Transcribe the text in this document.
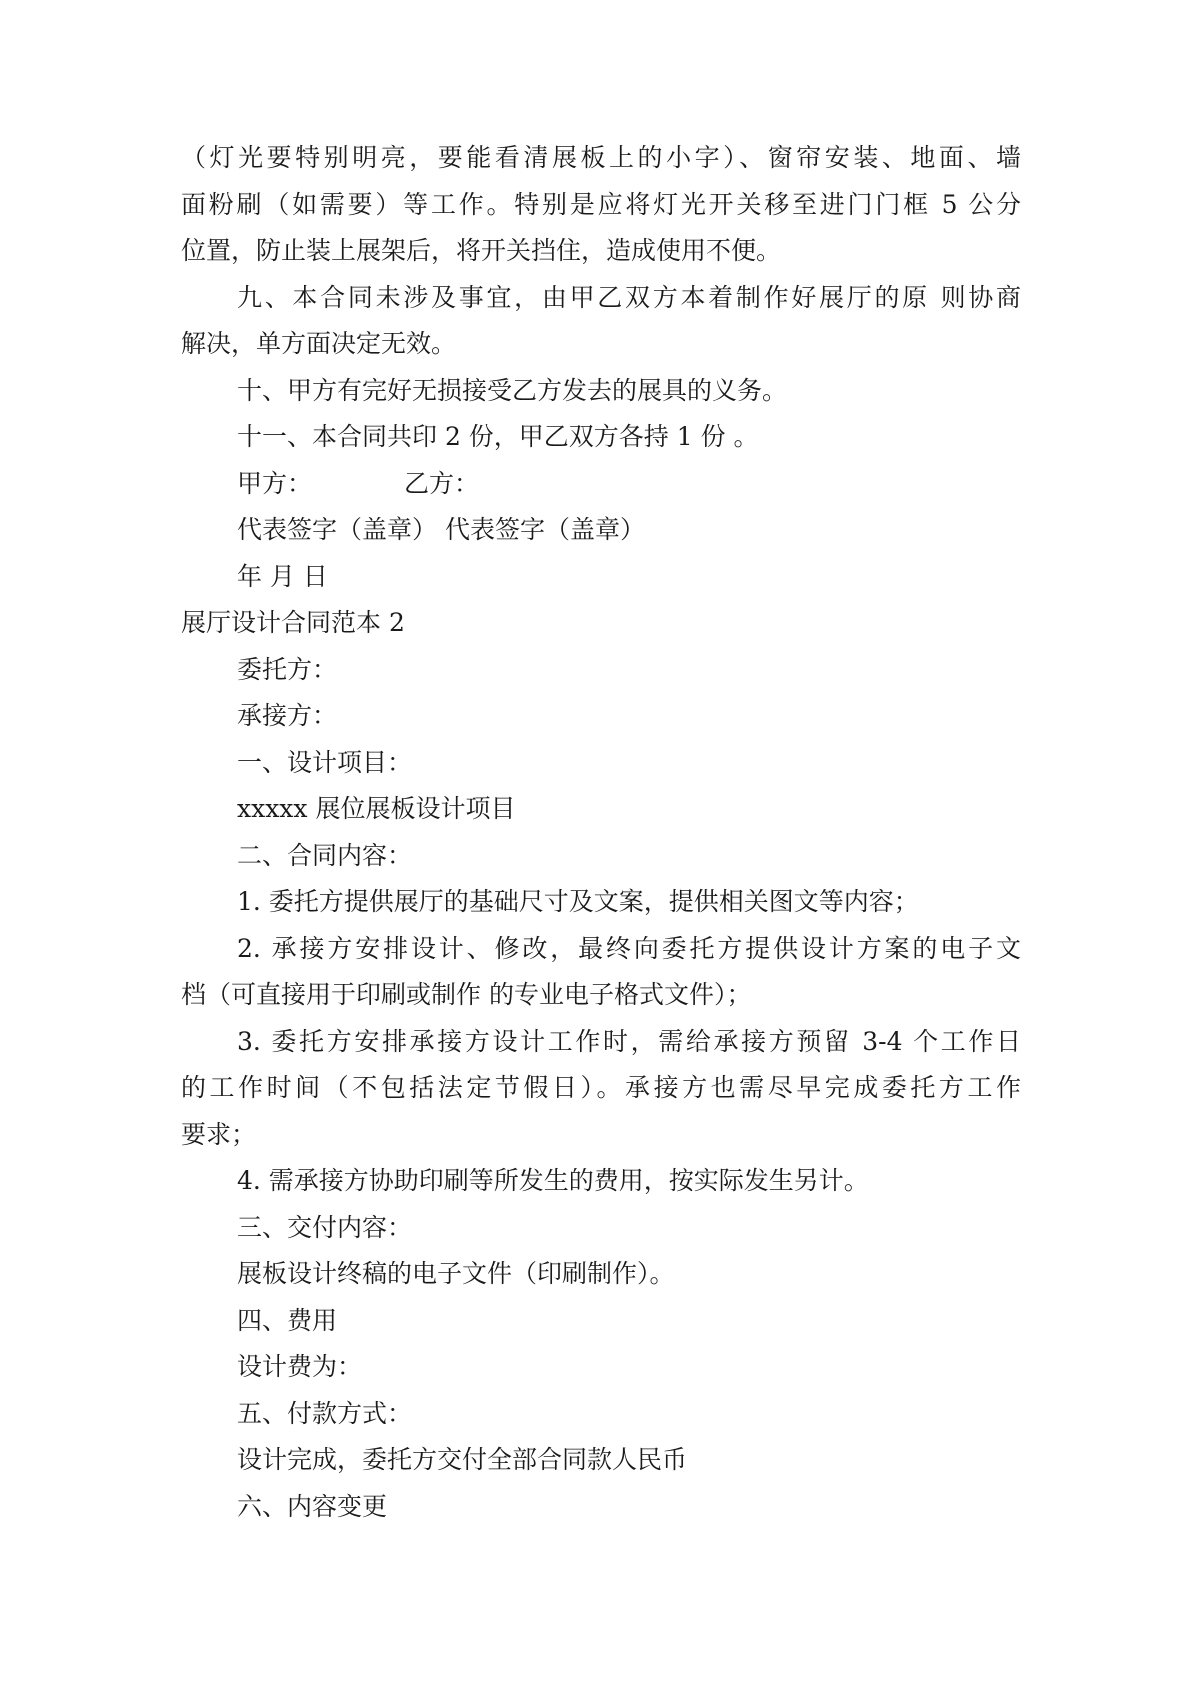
（灯光要特别明亮，要能看清展板上的小字）、窗帘安装、地面、墙
面粉刷（如需要）等工作。特别是应将灯光开关移至进门门框 5 公分
位置，防止装上展架后，将开关挡住，造成使用不便。
九、本合同未涉及事宜，由甲乙双方本着制作好展厅的原 则协商
解决，单方面决定无效。
十、甲方有完好无损接受乙方发去的展具的义务。
十一、本合同共印 2 份，甲乙双方各持 1 份 。
甲方：	乙方：
代表签字（盖章） 代表签字（盖章）
年 月 日
展厅设计合同范本 2
委托方：
承接方：
一、设计项目：
xxxxx 展位展板设计项目
二、合同内容：
1. 委托方提供展厅的基础尺寸及文案，提供相关图文等内容；
2. 承接方安排设计、修改，最终向委托方提供设计方案的电子文
档（可直接用于印刷或制作 的专业电子格式文件）；
3. 委托方安排承接方设计工作时，需给承接方预留 3-4 个工作日
的工作时间（不包括法定节假日）。承接方也需尽早完成委托方工作
要求；
4. 需承接方协助印刷等所发生的费用，按实际发生另计。
三、交付内容：
展板设计终稿的电子文件（印刷制作）。
四、费用
设计费为：
五、付款方式：
设计完成，委托方交付全部合同款人民币
六、内容变更
